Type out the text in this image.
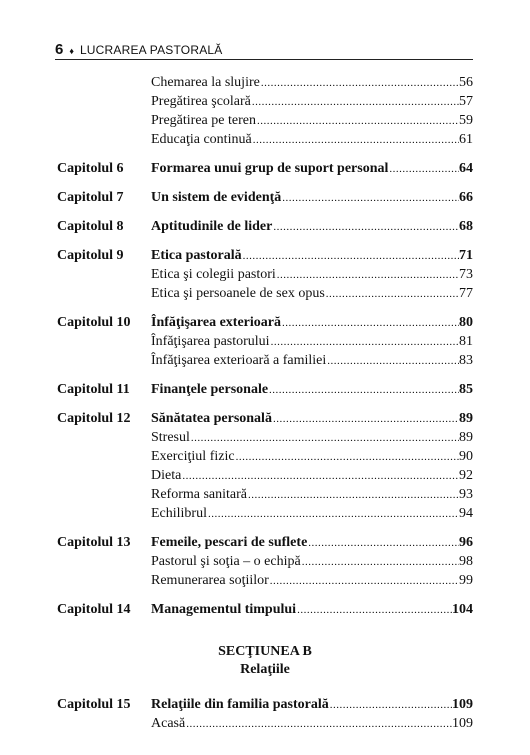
6 ♦ LUCRAREA PASTORALĂ
Chemarea la slujire .....	56
Pregătirea şcolară .....	57
Pregătirea pe teren .....	59
Educaţia continuă .....	61
Capitolul 6	Formarea unui grup de suport personal .....	64
Capitolul 7	Un sistem de evidenţă .....	66
Capitolul 8	Aptitudinile de lider .....	68
Capitolul 9	Etica pastorală .....	71
Etica şi colegii pastori .....	73
Etica şi persoanele de sex opus .....	77
Capitolul 10	Înfăţişarea exterioară .....	80
Înfăţişarea pastorului .....	81
Înfăţişarea exterioară a familiei .....	83
Capitolul 11	Finanţele personale .....	85
Capitolul 12	Sănătatea personală .....	89
Stresul .....	89
Exerciţiul fizic .....	90
Dieta .....	92
Reforma sanitară .....	93
Echilibrul .....	94
Capitolul 13	Femeile, pescari de suflete .....	96
Pastorul şi soţia – o echipă .....	98
Remunerarea soţiilor .....	99
Capitolul 14	Managementul timpului .....	104
SECŢIUNEA B
Relaţiile
Capitolul 15	Relaţiile din familia pastorală .....	109
Acasă .....	109
